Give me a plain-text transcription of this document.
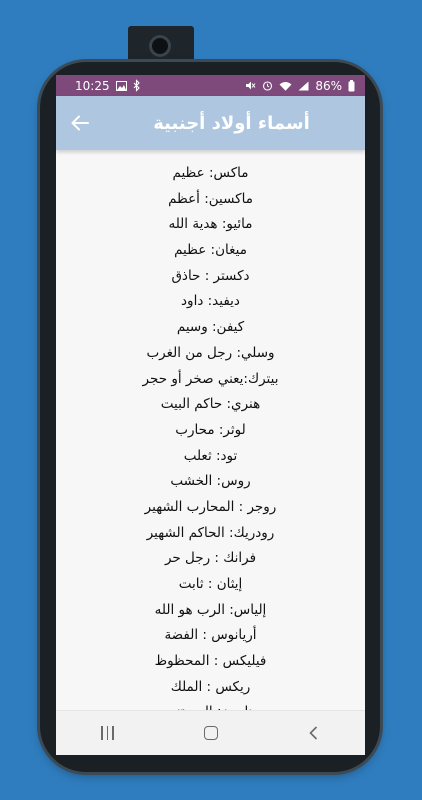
10:25	86%
أسماء أولاد أجنبية
ماكس: عظيم
ماكسين: أعظم
مائيو: هدية الله
ميغان: عظيم
دكستر : حاذق
ديفيد: داود
كيفن: وسيم
وسلي: رجل من الغرب
بيترك:يعني صخر أو حجر
هنري: حاكم البيت
لوثر: محارب
تود: ثعلب
روس: الخشب
روجر : المحارب الشهير
رودريك: الحاكم الشهير
فرانك : رجل حر
إيثان : ثابت
إلياس: الرب هو الله
أريانوس : الفضة
فيليكس : المحظوظ
ريكس : الملك
